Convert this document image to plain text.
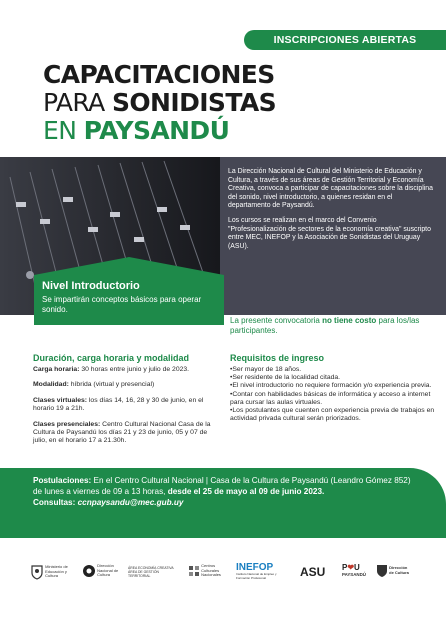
INSCRIPCIONES ABIERTAS
CAPACITACIONES
PARA SONIDISTAS
EN PAYSANDÚ

La Dirección Nacional de Cultural del Ministerio de Educación y Cultura, a través de sus áreas de Gestión Territorial y Economía Creativa, convoca a participar de capacitaciones sobre la disciplina del sonido, nivel introductorio, a quienes residan en el departamento de Paysandú.

Los cursos se realizan en el marco del Convenio "Profesionalización de sectores de la economía creativa" suscripto entre MEC, INEFOP y la Asociación de Sonidistas del Uruguay (ASU).

Nivel Introductorio
Se impartirán conceptos básicos para operar sonido.
La presente convocatoria no tiene costo para los/las participantes.
Duración, carga horaria y modalidad

Carga horaria: 30 horas entre junio y julio de 2023.

Modalidad: híbrida (virtual y presencial)

Clases virtuales: los días 14, 16, 28 y 30 de junio, en el horario 19 a 21h.

Clases presenciales: Centro Cultural Nacional Casa de la Cultura de Paysandú los días 21 y 23 de junio, 05 y 07 de julio, en el horario 17 a 21.30h.

Requisitos de ingreso
•Ser mayor de 18 años.
•Ser residente de la localidad citada.
•El nivel introductorio no requiere formación y/o experiencia previa.
•Contar con habilidades básicas de informática y acceso a internet para cursar las aulas virtuales.
•Los postulantes que cuenten con experiencia previa de trabajos en actividad privada cultural serán priorizados.
Postulaciones: En el Centro Cultural Nacional | Casa de la Cultura de Paysandú (Leandro Gómez 852) de lunes a viernes de 09 a 13 horas, desde el 25 de mayo al 09 de junio 2023.
Consultas: ccnpaysandu@mec.gub.uy
Ministerio de Educación y Cultura
Dirección Nacional de Cultura
ÁREA ECONOMÍA CREATIVA ÁREA DE GESTIÓN TERRITORIAL
Centros Culturales Nacionales
INEFOP
Instituto Nacional de Empleo y Formación Profesional	ASU P❤U
PAYSANDÚ
Dirección de Cultura
